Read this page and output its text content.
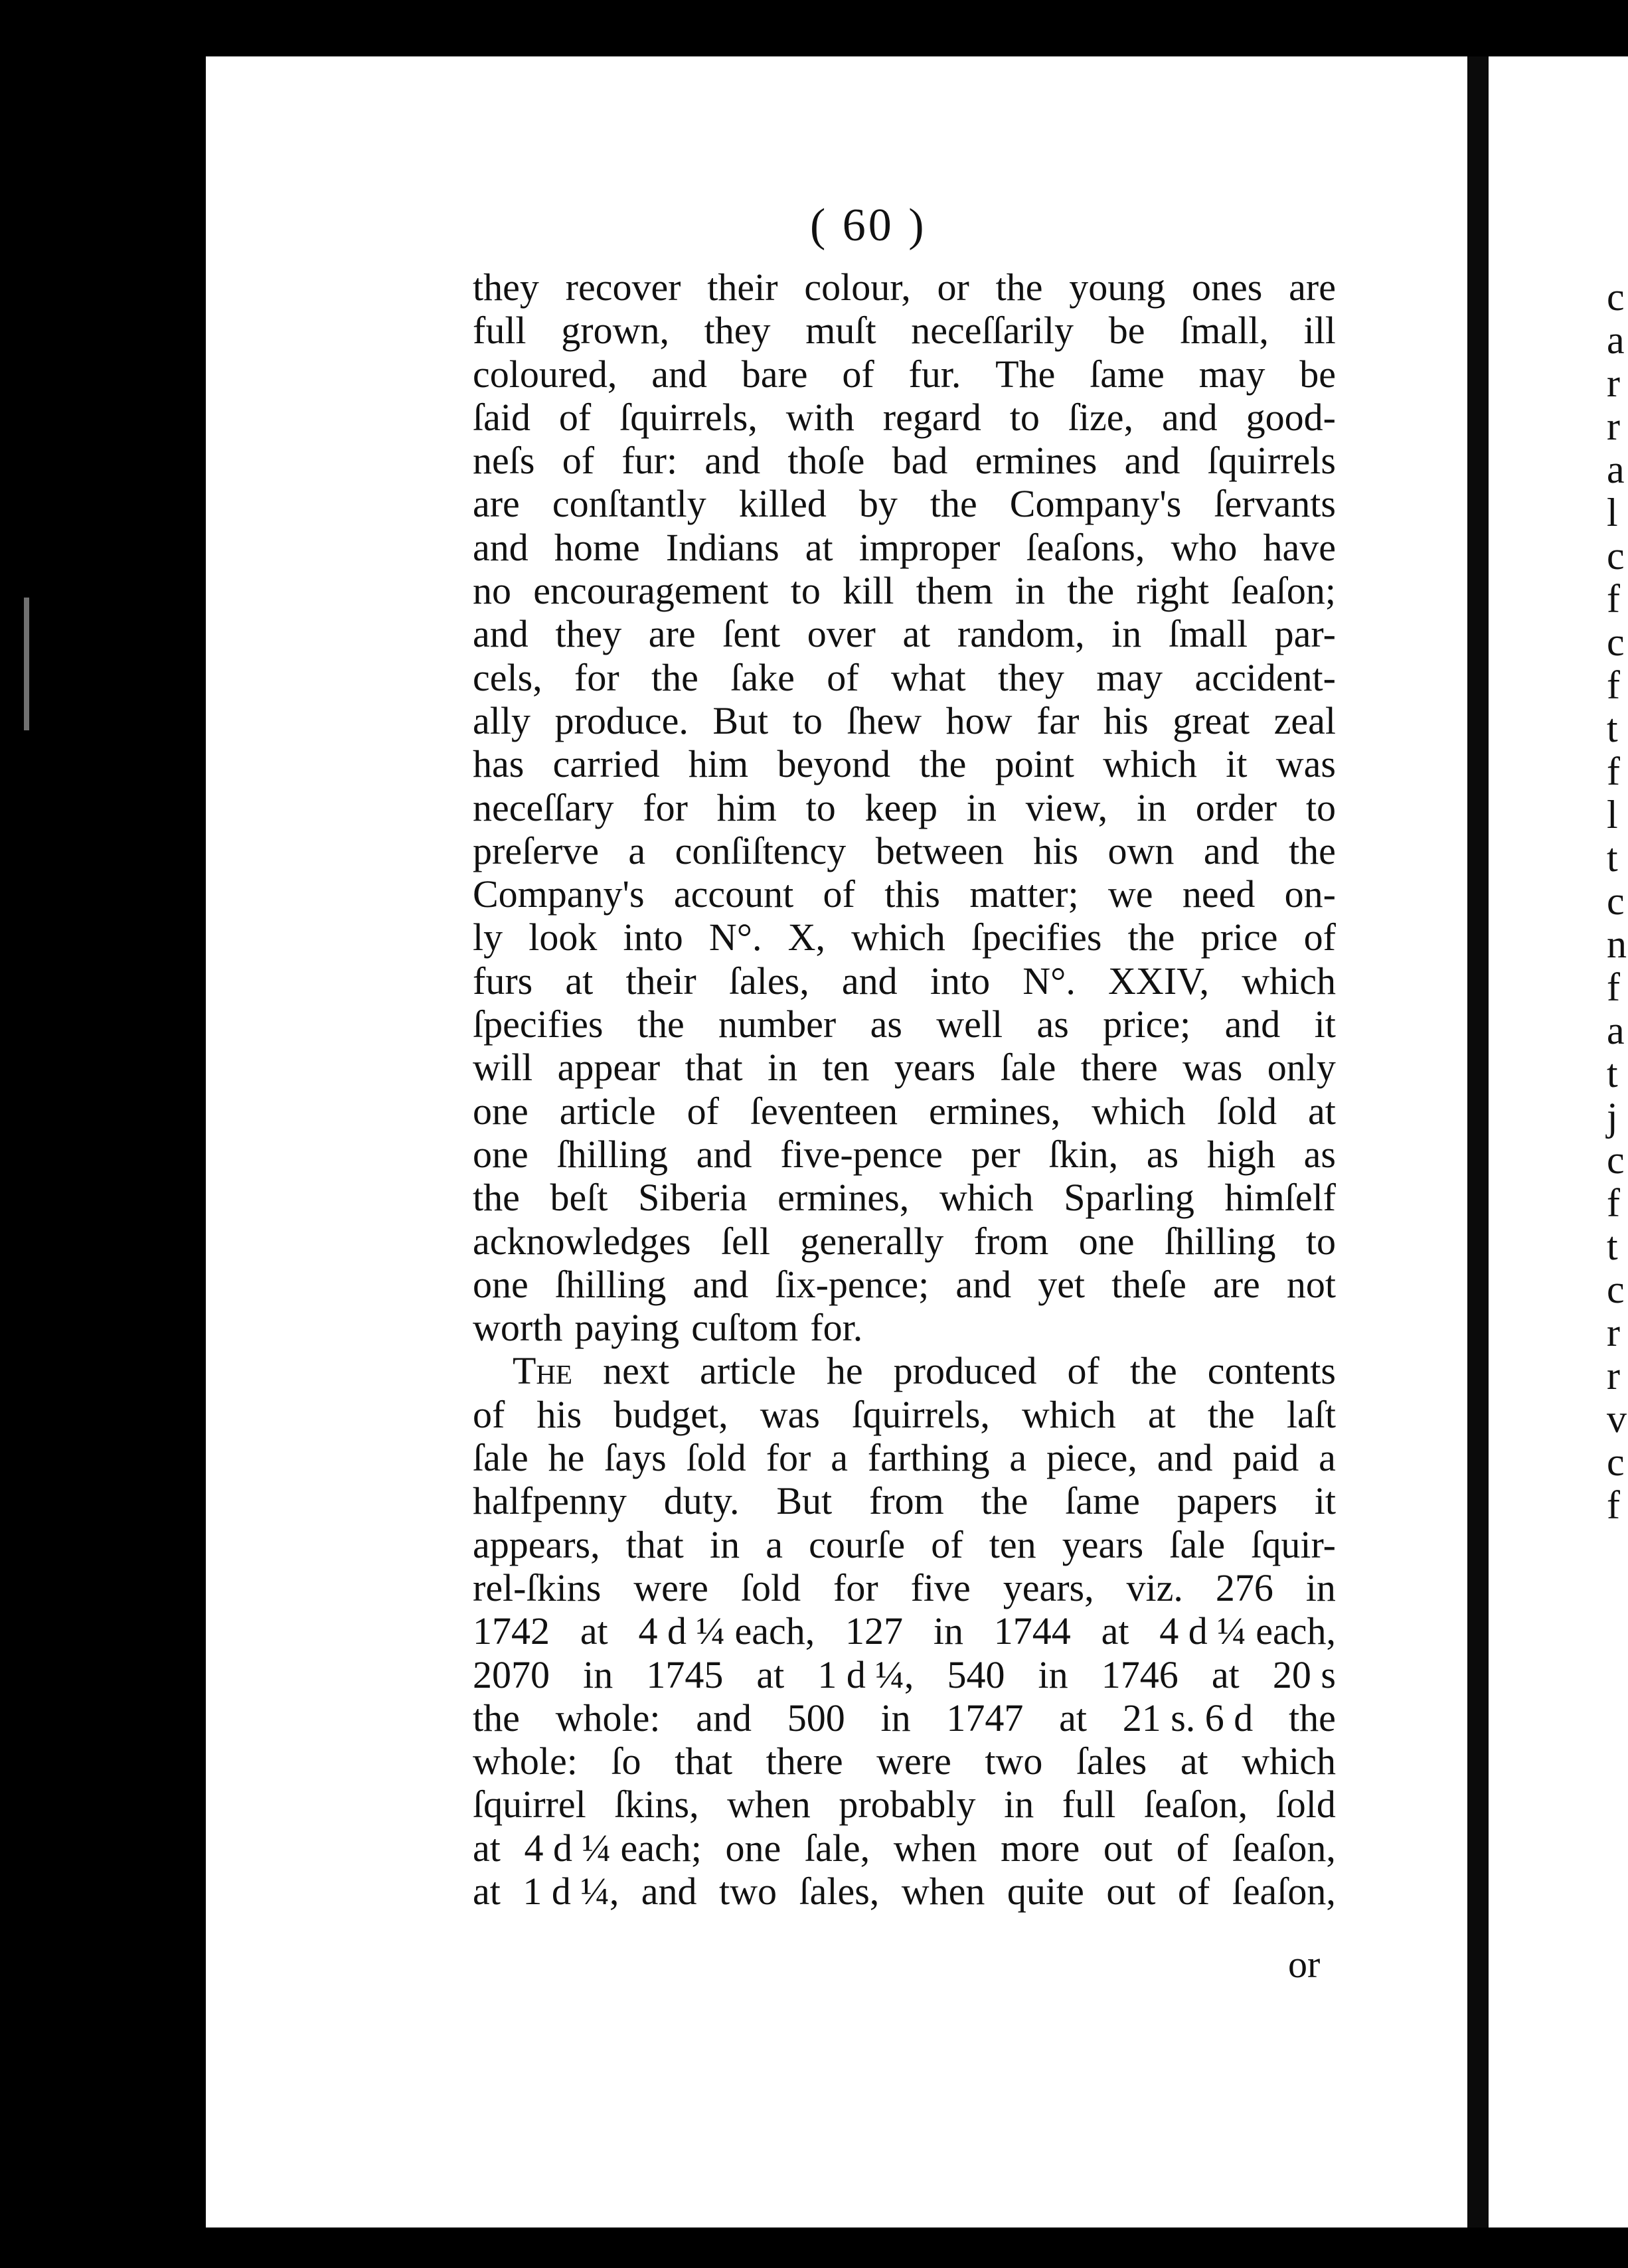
c
a
r
r
a
l
c
f
c
f
t
f
l
t
c
n
f
a
t
j
c
f
t
c
r
r
v
c
f
( 60 )
they recover their colour, or the young ones are
full grown, they muſt neceſſarily be ſmall, ill
coloured, and bare of fur. The ſame may be
ſaid of ſquirrels, with regard to ſize, and good-
neſs of fur: and thoſe bad ermines and ſquirrels
are conſtantly killed by the Company's ſervants
and home Indians at improper ſeaſons, who have
no encouragement to kill them in the right ſeaſon;
and they are ſent over at random, in ſmall par-
cels, for the ſake of what they may accident-
ally produce. But to ſhew how far his great zeal
has carried him beyond the point which it was
neceſſary for him to keep in view, in order to
preſerve a conſiſtency between his own and the
Company's account of this matter; we need on-
ly look into N°. X, which ſpecifies the price of
furs at their ſales, and into N°. XXIV, which
ſpecifies the number as well as price; and it
will appear that in ten years ſale there was only
one article of ſeventeen ermines, which ſold at
one ſhilling and five-pence per ſkin, as high as
the beſt Siberia ermines, which Sparling himſelf
acknowledges ſell generally from one ſhilling to
one ſhilling and ſix-pence; and yet theſe are not
worth paying cuſtom for.
The next article he produced of the contents
of his budget, was ſquirrels, which at the laſt
ſale he ſays ſold for a farthing a piece, and paid a
halfpenny duty. But from the ſame papers it
appears, that in a courſe of ten years ſale ſquir-
rel-ſkins were ſold for five years, viz. 276 in
1742 at 4 d ¼ each, 127 in 1744 at 4 d ¼ each,
2070 in 1745 at 1 d ¼, 540 in 1746 at 20 s
the whole: and 500 in 1747 at 21 s. 6 d the
whole: ſo that there were two ſales at which
ſquirrel ſkins, when probably in full ſeaſon, ſold
at 4 d ¼ each; one ſale, when more out of ſeaſon,
at 1 d ¼, and two ſales, when quite out of ſeaſon,
or
